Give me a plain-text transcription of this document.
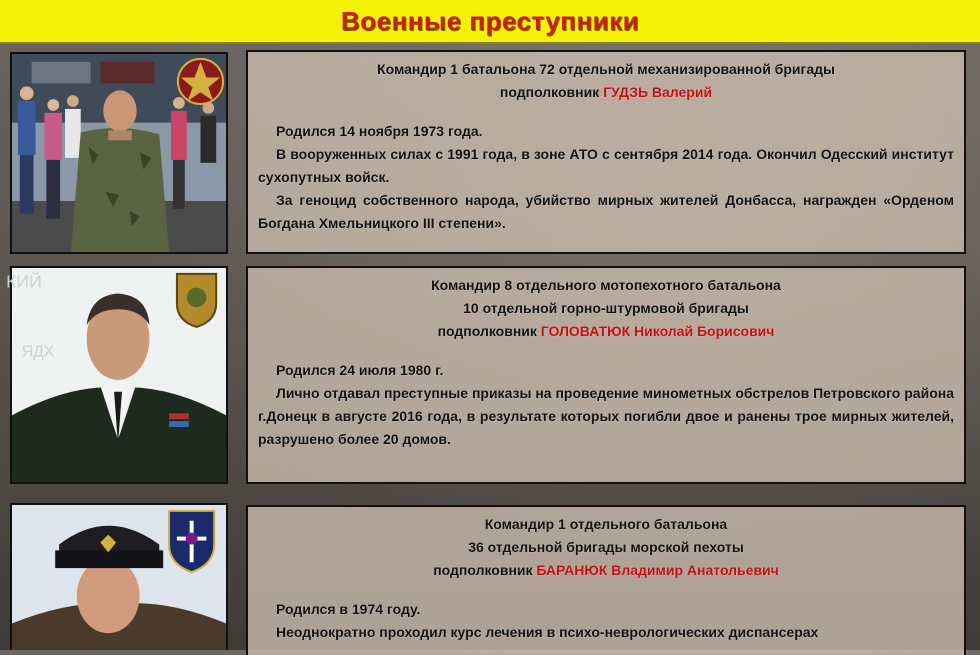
Военные преступники
Командир 1 батальона 72 отдельной механизированной бригады
подполковник ГУДЗЬ Валерий

Родился 14 ноября 1973 года.

В вооруженных силах с 1991 года, в зоне АТО с сентября 2014 года. Окончил Одесский институт сухопутных войск.

За геноцид собственного народа, убийство мирных жителей Донбасса, награжден «Орденом Богдана Хмельницкого III степени».

КИЙ
ЯДХ
Командир 8 отдельного мотопехотного батальона
10 отдельной горно-штурмовой бригады
подполковник ГОЛОВАТЮК Николай Борисович

Родился 24 июля 1980 г.

Лично отдавал преступные приказы на проведение минометных обстрелов Петровского района г.Донецк в августе 2016 года, в результате которых погибли двое и ранены трое мирных жителей, разрушено более 20 домов.

Командир 1 отдельного батальона
36 отдельной бригады морской пехоты
подполковник БАРАНЮК Владимир Анатольевич

Родился в 1974 году.

Неоднократно проходил курс лечения в психо-неврологических диспансерах
